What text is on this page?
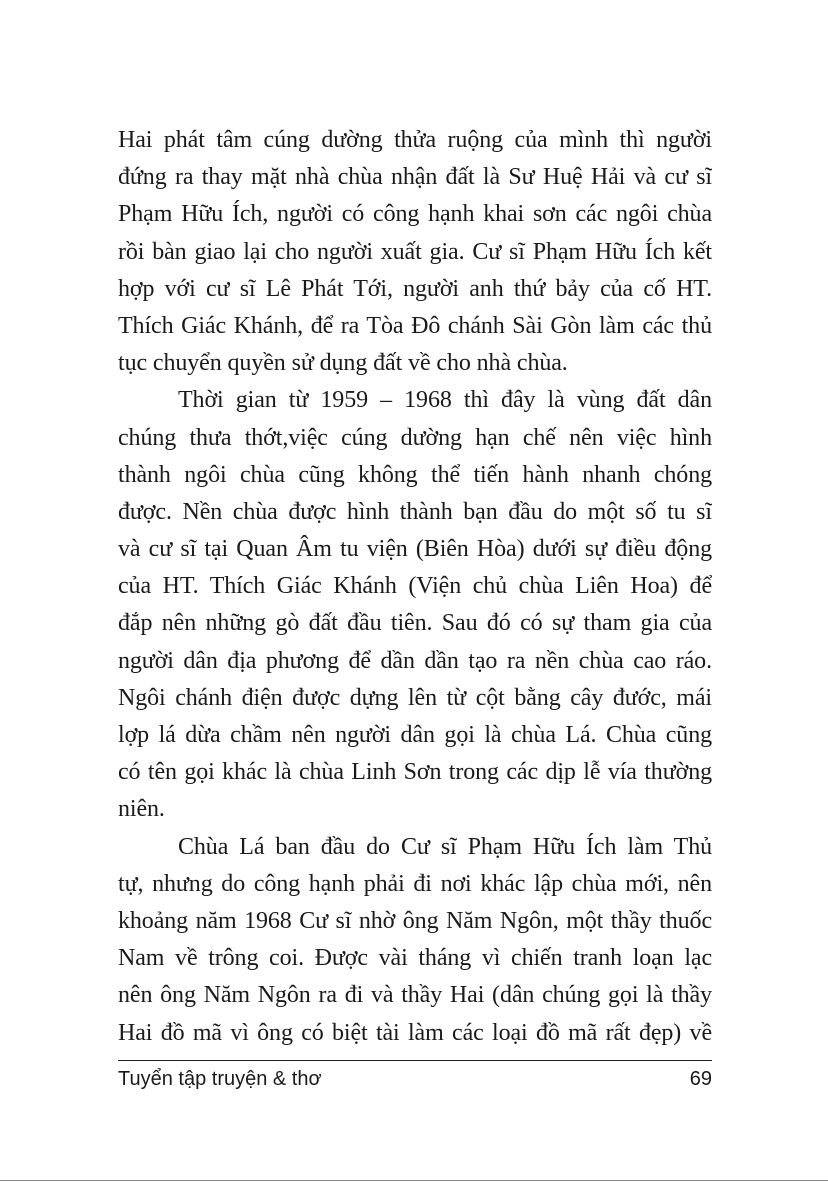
Hai phát tâm cúng dường thửa ruộng của mình thì người
đứng ra thay mặt nhà chùa nhận đất là Sư Huệ Hải và cư sĩ
Phạm Hữu Ích, người có công hạnh khai sơn các ngôi chùa
rồi bàn giao lại cho người xuất gia. Cư sĩ Phạm Hữu Ích kết
hợp với cư sĩ Lê Phát Tới, người anh thứ bảy của cố HT.
Thích Giác Khánh, để ra Tòa Đô chánh Sài Gòn làm các thủ
tục chuyển quyền sử dụng đất về cho nhà chùa.
Thời gian từ 1959 – 1968 thì đây là vùng đất dân
chúng thưa thớt,việc cúng dường hạn chế nên việc hình
thành ngôi chùa cũng không thể tiến hành nhanh chóng
được. Nền chùa được hình thành bạn đầu do một số tu sĩ
và cư sĩ tại Quan Âm tu viện (Biên Hòa) dưới sự điều động
của HT. Thích Giác Khánh (Viện chủ chùa Liên Hoa) để
đắp nên những gò đất đầu tiên. Sau đó có sự tham gia của
người dân địa phương để dần dần tạo ra nền chùa cao ráo.
Ngôi chánh điện được dựng lên từ cột bằng cây đước, mái
lợp lá dừa chầm nên người dân gọi là chùa Lá. Chùa cũng
có tên gọi khác là chùa Linh Sơn trong các dịp lễ vía thường
niên.
Chùa Lá ban đầu do Cư sĩ Phạm Hữu Ích làm Thủ
tự, nhưng do công hạnh phải đi nơi khác lập chùa mới, nên
khoảng năm 1968 Cư sĩ nhờ ông Năm Ngôn, một thầy thuốc
Nam về trông coi. Được vài tháng vì chiến tranh loạn lạc
nên ông Năm Ngôn ra đi và thầy Hai (dân chúng gọi là thầy
Hai đồ mã vì ông có biệt tài làm các loại đồ mã rất đẹp) về
Tuyển tập truyện & thơ	69
